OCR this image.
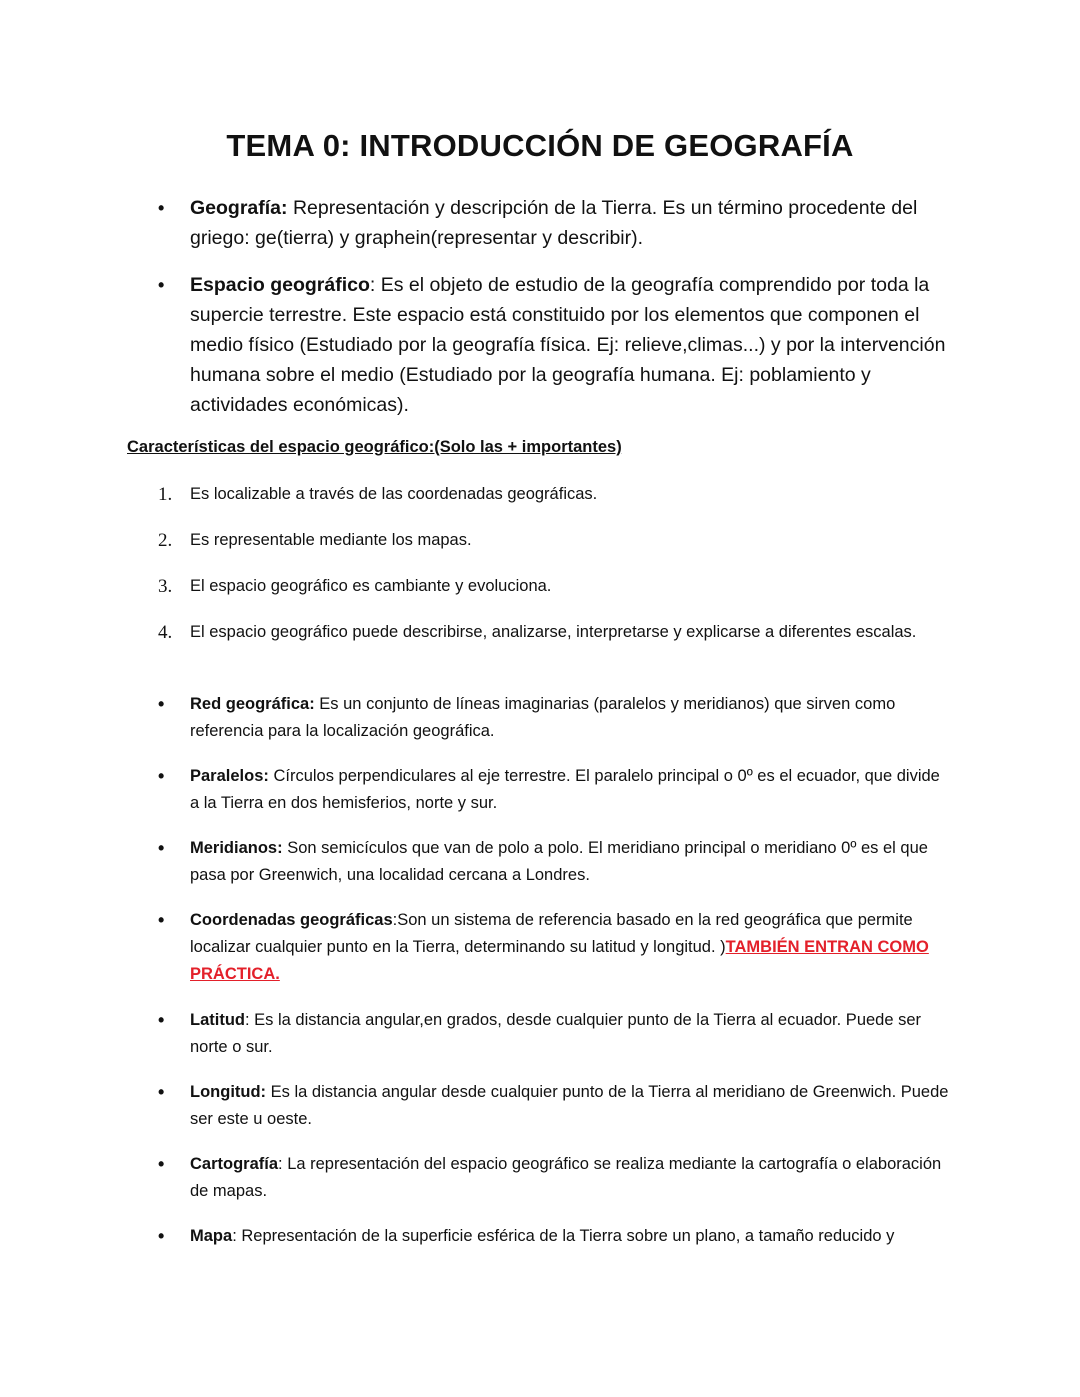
TEMA 0: INTRODUCCIÓN DE GEOGRAFÍA
• Geografía: Representación y descripción de la Tierra. Es un término procedente del griego: ge(tierra) y graphein(representar y describir).
• Espacio geográfico: Es el objeto de estudio de la geografía comprendido por toda la supercie terrestre. Este espacio está constituido por los elementos que componen el medio físico (Estudiado por la geografía física. Ej: relieve,climas...) y por la intervención humana sobre el medio (Estudiado por la geografía humana. Ej: poblamiento y actividades económicas).
Características del espacio geográfico:(Solo las + importantes)
1. Es localizable a través de las coordenadas geográficas.
2. Es representable mediante los mapas.
3. El espacio geográfico es cambiante y evoluciona.
4. El espacio geográfico puede describirse, analizarse, interpretarse y explicarse a diferentes escalas.
• Red geográfica: Es un conjunto de líneas imaginarias (paralelos y meridianos) que sirven como referencia para la localización geográfica.
• Paralelos: Círculos perpendiculares al eje terrestre. El paralelo principal o 0º es el ecuador, que divide a la Tierra en dos hemisferios, norte y sur.
• Meridianos: Son semicículos que van de polo a polo. El meridiano principal o meridiano 0º es el que pasa por Greenwich, una localidad cercana a Londres.
• Coordenadas geográficas:Son un sistema de referencia basado en la red geográfica que permite localizar cualquier punto en la Tierra, determinando su latitud y longitud. )TAMBIÉN ENTRAN COMO PRÁCTICA.
• Latitud: Es la distancia angular,en grados, desde cualquier punto de la Tierra al ecuador. Puede ser norte o sur.
• Longitud: Es la distancia angular desde cualquier punto de la Tierra al meridiano de Greenwich. Puede ser este u oeste.
• Cartografía: La representación del espacio geográfico se realiza mediante la cartografía o elaboración de mapas.
• Mapa: Representación de la superficie esférica de la Tierra sobre un plano, a tamaño reducido y
